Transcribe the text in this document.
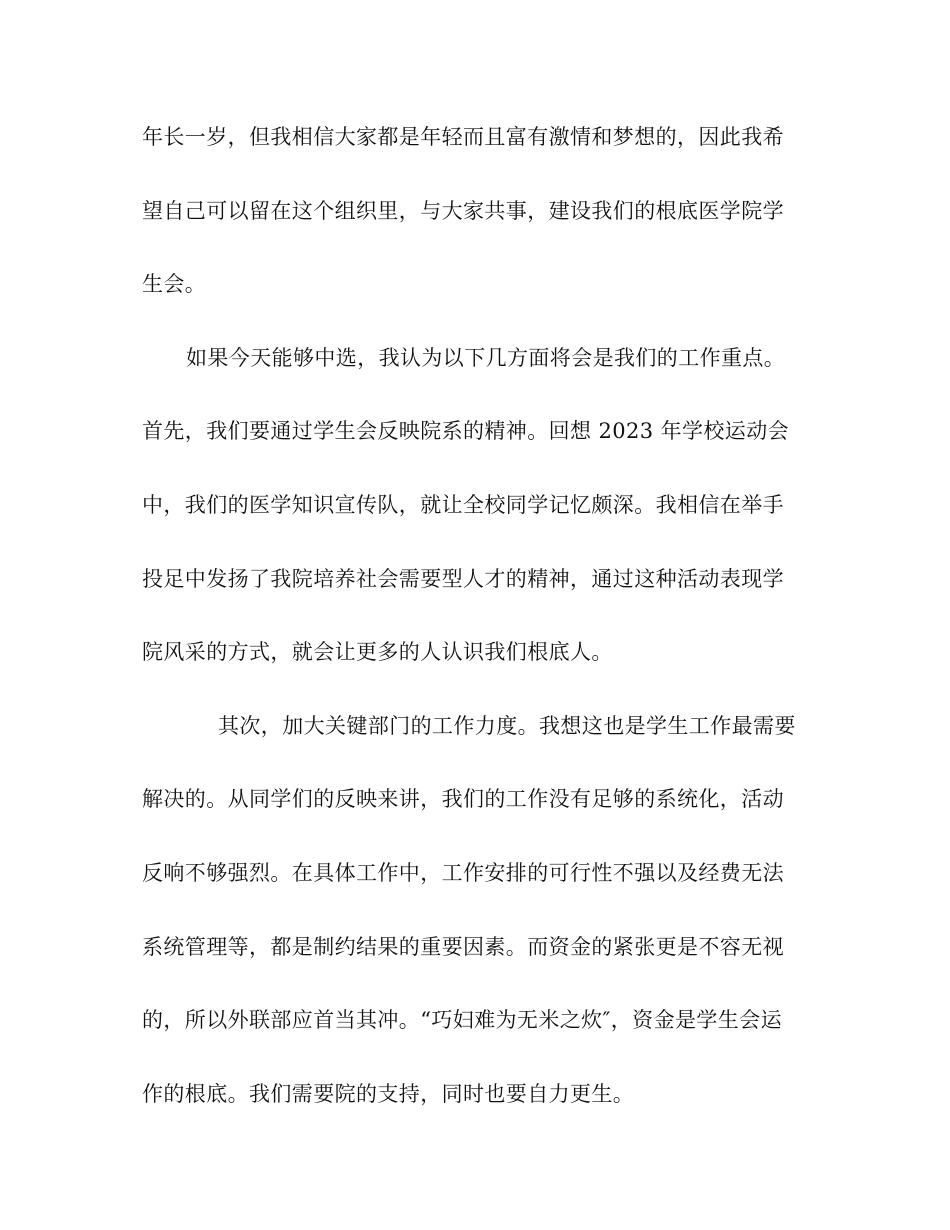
年长一岁，但我相信大家都是年轻而且富有激情和梦想的，因此我希
望自己可以留在这个组织里，与大家共事，建设我们的根底医学院学
生会。
如果今天能够中选，我认为以下几方面将会是我们的工作重点。
首先，我们要通过学生会反映院系的精神。回想 2023 年学校运动会
中，我们的医学知识宣传队，就让全校同学记忆颇深。我相信在举手
投足中发扬了我院培养社会需要型人才的精神，通过这种活动表现学
院风采的方式，就会让更多的人认识我们根底人。
其次，加大关键部门的工作力度。我想这也是学生工作最需要
解决的。从同学们的反映来讲，我们的工作没有足够的系统化，活动
反响不够强烈。在具体工作中，工作安排的可行性不强以及经费无法
系统管理等，都是制约结果的重要因素。而资金的紧张更是不容无视
的，所以外联部应首当其冲。“巧妇难为无米之炊″，资金是学生会运
作的根底。我们需要院的支持，同时也要自力更生。
